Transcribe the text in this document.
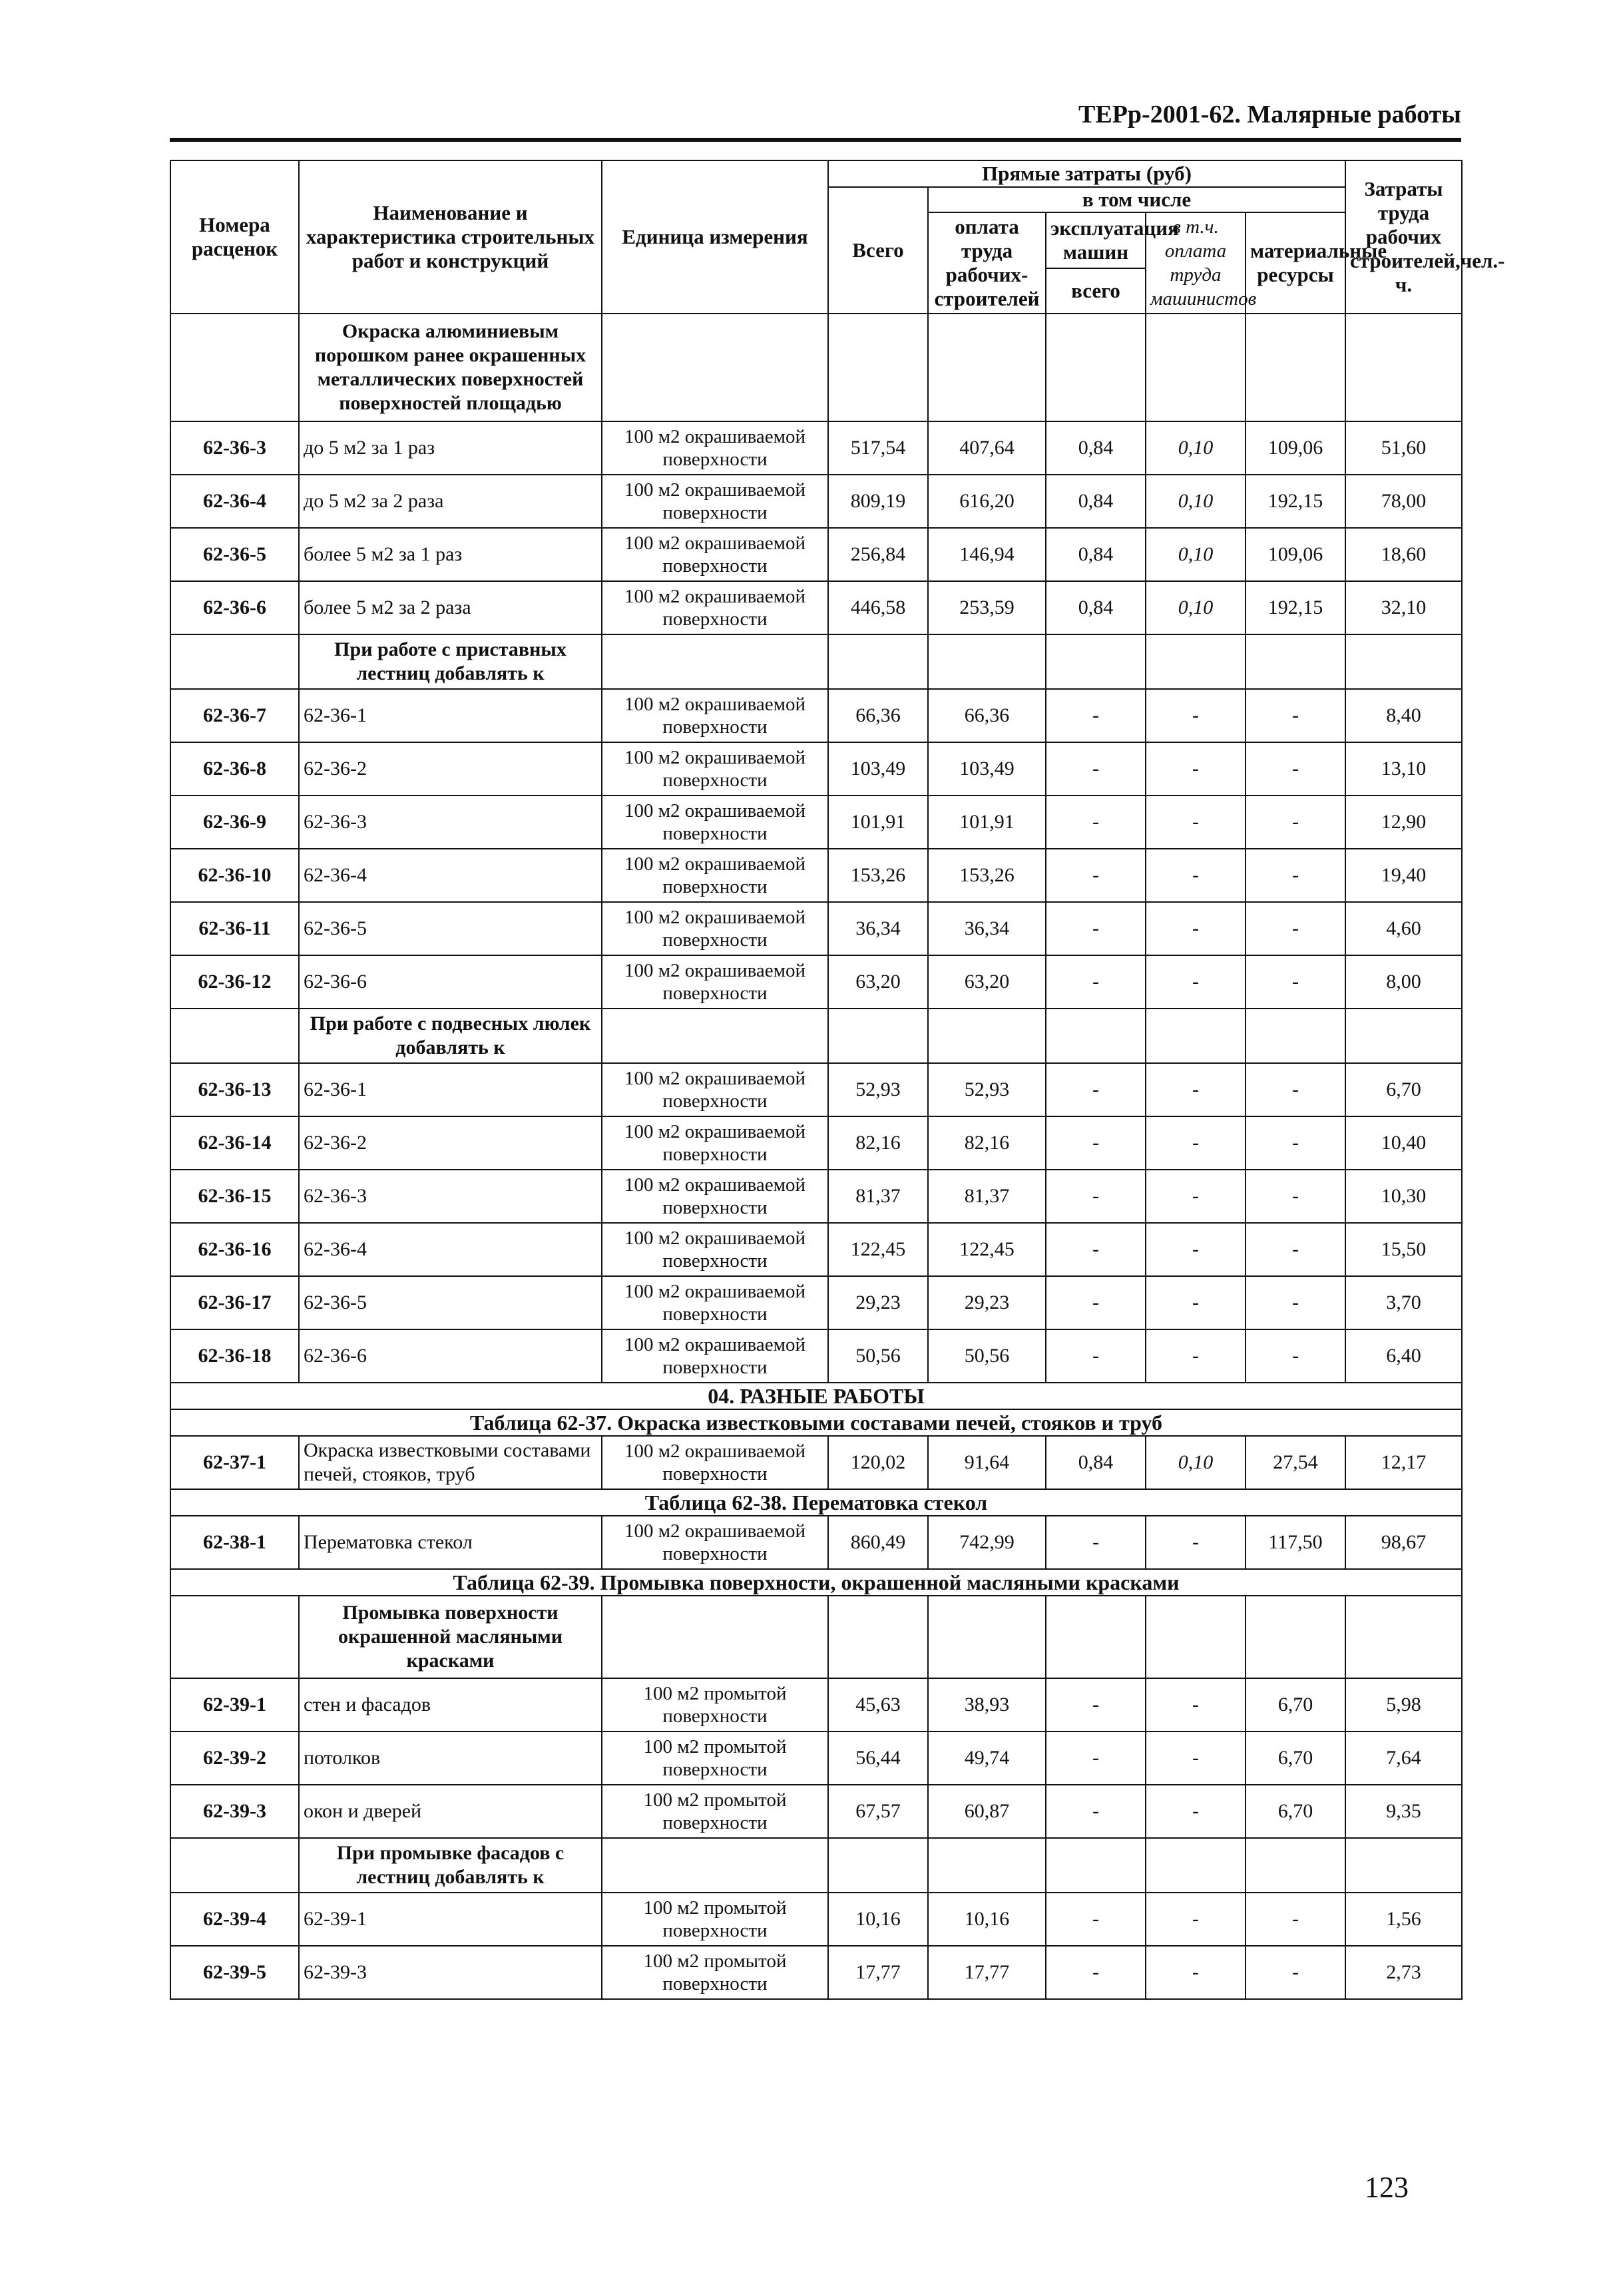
ТЕРр-2001-62. Малярные работы
Номера расценок	Наименование и характеристика строительных работ и конструкций	Единица измерения	Прямые затраты (руб)					Затраты труда рабочих строителей,чел.-ч.
			Всего	в том числе				
				оплата труда рабочих-строителей	эксплуатация машин	в т.ч. оплата труда машинистов	материальные ресурсы	
					всего			
	Окраска алюминиевым порошком ранее окрашенных металлических поверхностей поверхностей площадью							
62-36-3	до 5 м2 за 1 раз	100 м2 окрашиваемой поверхности	517,54	407,64	0,84	0,10	109,06	51,60
62-36-4	до 5 м2 за 2 раза	100 м2 окрашиваемой поверхности	809,19	616,20	0,84	0,10	192,15	78,00
62-36-5	более 5 м2 за 1 раз	100 м2 окрашиваемой поверхности	256,84	146,94	0,84	0,10	109,06	18,60
62-36-6	более 5 м2 за 2 раза	100 м2 окрашиваемой поверхности	446,58	253,59	0,84	0,10	192,15	32,10
	При работе с приставных лестниц добавлять к							
62-36-7	62-36-1	100 м2 окрашиваемой поверхности	66,36	66,36	-	-	-	8,40
62-36-8	62-36-2	100 м2 окрашиваемой поверхности	103,49	103,49	-	-	-	13,10
62-36-9	62-36-3	100 м2 окрашиваемой поверхности	101,91	101,91	-	-	-	12,90
62-36-10	62-36-4	100 м2 окрашиваемой поверхности	153,26	153,26	-	-	-	19,40
62-36-11	62-36-5	100 м2 окрашиваемой поверхности	36,34	36,34	-	-	-	4,60
62-36-12	62-36-6	100 м2 окрашиваемой поверхности	63,20	63,20	-	-	-	8,00
	При работе с подвесных люлек добавлять к							
62-36-13	62-36-1	100 м2 окрашиваемой поверхности	52,93	52,93	-	-	-	6,70
62-36-14	62-36-2	100 м2 окрашиваемой поверхности	82,16	82,16	-	-	-	10,40
62-36-15	62-36-3	100 м2 окрашиваемой поверхности	81,37	81,37	-	-	-	10,30
62-36-16	62-36-4	100 м2 окрашиваемой поверхности	122,45	122,45	-	-	-	15,50
62-36-17	62-36-5	100 м2 окрашиваемой поверхности	29,23	29,23	-	-	-	3,70
62-36-18	62-36-6	100 м2 окрашиваемой поверхности	50,56	50,56	-	-	-	6,40
04. РАЗНЫЕ РАБОТЫ								
Таблица 62-37. Окраска известковыми составами печей, стояков и труб								
62-37-1	Окраска известковыми составами печей, стояков, труб	100 м2 окрашиваемой поверхности	120,02	91,64	0,84	0,10	27,54	12,17
Таблица 62-38. Перематовка стекол								
62-38-1	Перематовка стекол	100 м2 окрашиваемой поверхности	860,49	742,99	-	-	117,50	98,67
Таблица 62-39. Промывка поверхности, окрашенной масляными красками								
	Промывка поверхности окрашенной масляными красками							
62-39-1	стен и фасадов	100 м2 промытой поверхности	45,63	38,93	-	-	6,70	5,98
62-39-2	потолков	100 м2 промытой поверхности	56,44	49,74	-	-	6,70	7,64
62-39-3	окон и дверей	100 м2 промытой поверхности	67,57	60,87	-	-	6,70	9,35
	При промывке фасадов с лестниц добавлять к							
62-39-4	62-39-1	100 м2 промытой поверхности	10,16	10,16	-	-	-	1,56
62-39-5	62-39-3	100 м2 промытой поверхности	17,77	17,77	-	-	-	2,73
123
